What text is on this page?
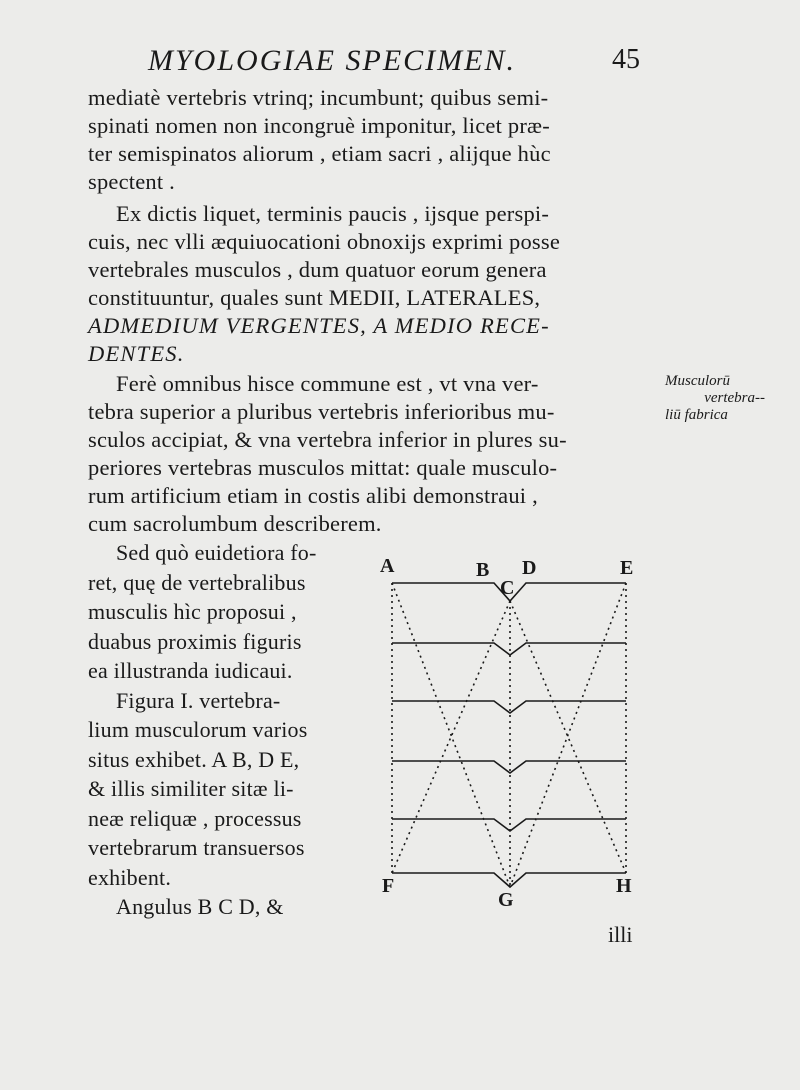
MYOLOGIAE SPECIMEN.	45
mediatè vertebris vtrinq; incumbunt; quibus semi-
spinati nomen non incongruè imponitur, licet præ-
ter semispinatos aliorum , etiam sacri , alijque hùc
spectent .
Ex dictis liquet, terminis paucis , ijsque perspi-
cuis, nec vlli æquiuocationi obnoxijs exprimi posse
vertebrales musculos , dum quatuor eorum genera
constituuntur, quales sunt MEDII, LATERALES,
ADMEDIUM VERGENTES, A MEDIO RECE-
DENTES.
Ferè omnibus hisce commune est , vt vna ver-
tebra superior a pluribus vertebris inferioribus mu-
sculos accipiat, & vna vertebra inferior in plures su-
periores vertebras musculos mittat: quale musculo-
rum artificium etiam in costis alibi demonstraui ,
cum sacrolumbum describerem.
Musculorū
vertebra--
liū fabrica
Sed quò euidetiora fo-
ret, quę de vertebralibus
musculis hìc proposui ,
duabus proximis figuris
ea illustranda iudicaui.
Figura I. vertebra-
lium musculorum varios
situs exhibet. A B, D E,
& illis similiter sitæ li-
neæ reliquæ , processus
vertebrarum transuersos
exhibent.
Angulus B C D, &
A	B
C
D	E
F
G
H
illi
